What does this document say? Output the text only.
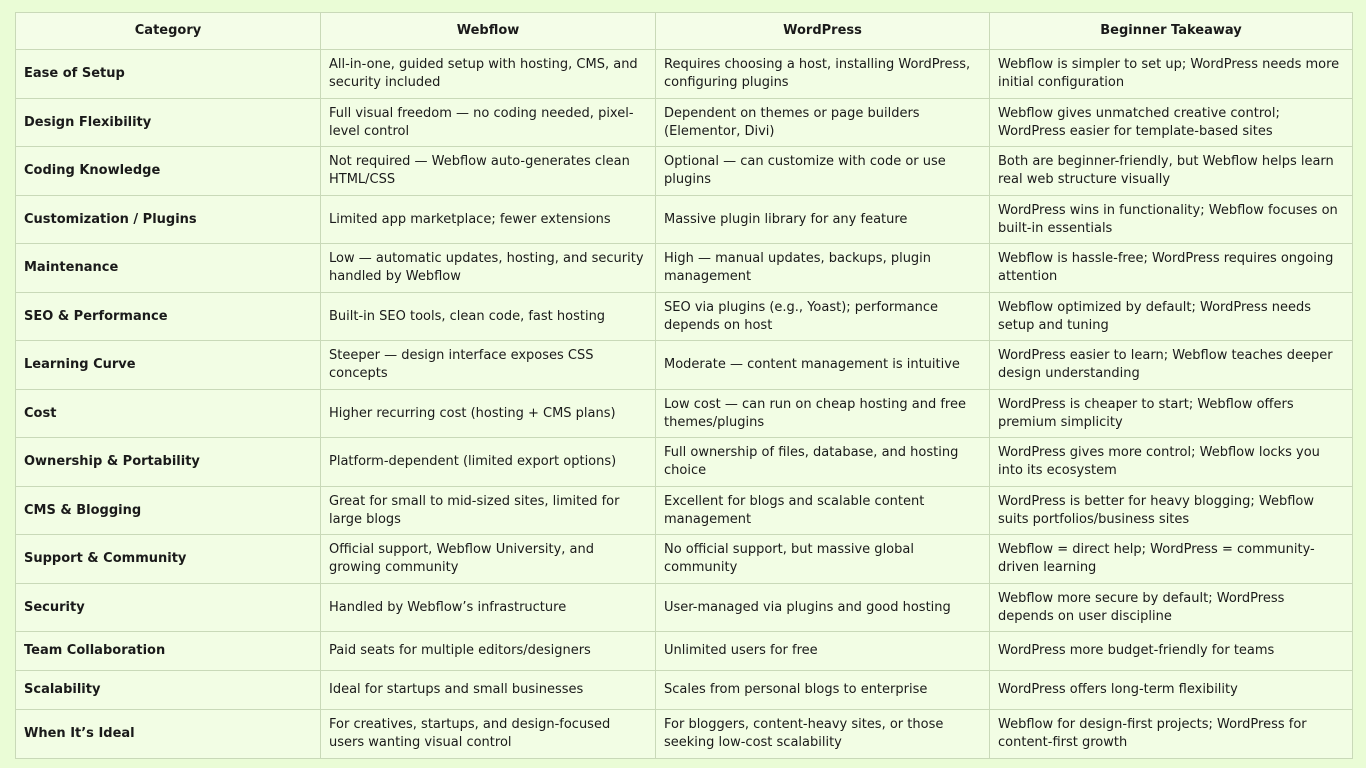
Category	Webflow	WordPress	Beginner Takeaway
Ease of Setup	All-in-one, guided setup with hosting, CMS, and security included	Requires choosing a host, installing WordPress, configuring plugins	Webflow is simpler to set up; WordPress needs more initial configuration
Design Flexibility	Full visual freedom — no coding needed, pixel-level control	Dependent on themes or page builders (Elementor, Divi)	Webflow gives unmatched creative control; WordPress easier for template-based sites
Coding Knowledge	Not required — Webflow auto-generates clean HTML/CSS	Optional — can customize with code or use plugins	Both are beginner-friendly, but Webflow helps learn real web structure visually
Customization / Plugins	Limited app marketplace; fewer extensions	Massive plugin library for any feature	WordPress wins in functionality; Webflow focuses on built-in essentials
Maintenance	Low — automatic updates, hosting, and security handled by Webflow	High — manual updates, backups, plugin management	Webflow is hassle-free; WordPress requires ongoing attention
SEO & Performance	Built-in SEO tools, clean code, fast hosting	SEO via plugins (e.g., Yoast); performance depends on host	Webflow optimized by default; WordPress needs setup and tuning
Learning Curve	Steeper — design interface exposes CSS concepts	Moderate — content management is intuitive	WordPress easier to learn; Webflow teaches deeper design understanding
Cost	Higher recurring cost (hosting + CMS plans)	Low cost — can run on cheap hosting and free themes/plugins	WordPress is cheaper to start; Webflow offers premium simplicity
Ownership & Portability	Platform-dependent (limited export options)	Full ownership of files, database, and hosting choice	WordPress gives more control; Webflow locks you into its ecosystem
CMS & Blogging	Great for small to mid-sized sites, limited for large blogs	Excellent for blogs and scalable content management	WordPress is better for heavy blogging; Webflow suits portfolios/business sites
Support & Community	Official support, Webflow University, and growing community	No official support, but massive global community	Webflow = direct help; WordPress = community-driven learning
Security	Handled by Webflow’s infrastructure	User-managed via plugins and good hosting	Webflow more secure by default; WordPress depends on user discipline
Team Collaboration	Paid seats for multiple editors/designers	Unlimited users for free	WordPress more budget-friendly for teams
Scalability	Ideal for startups and small businesses	Scales from personal blogs to enterprise	WordPress offers long-term flexibility
When It’s Ideal	For creatives, startups, and design-focused users wanting visual control	For bloggers, content-heavy sites, or those seeking low-cost scalability	Webflow for design-first projects; WordPress for content-first growth
